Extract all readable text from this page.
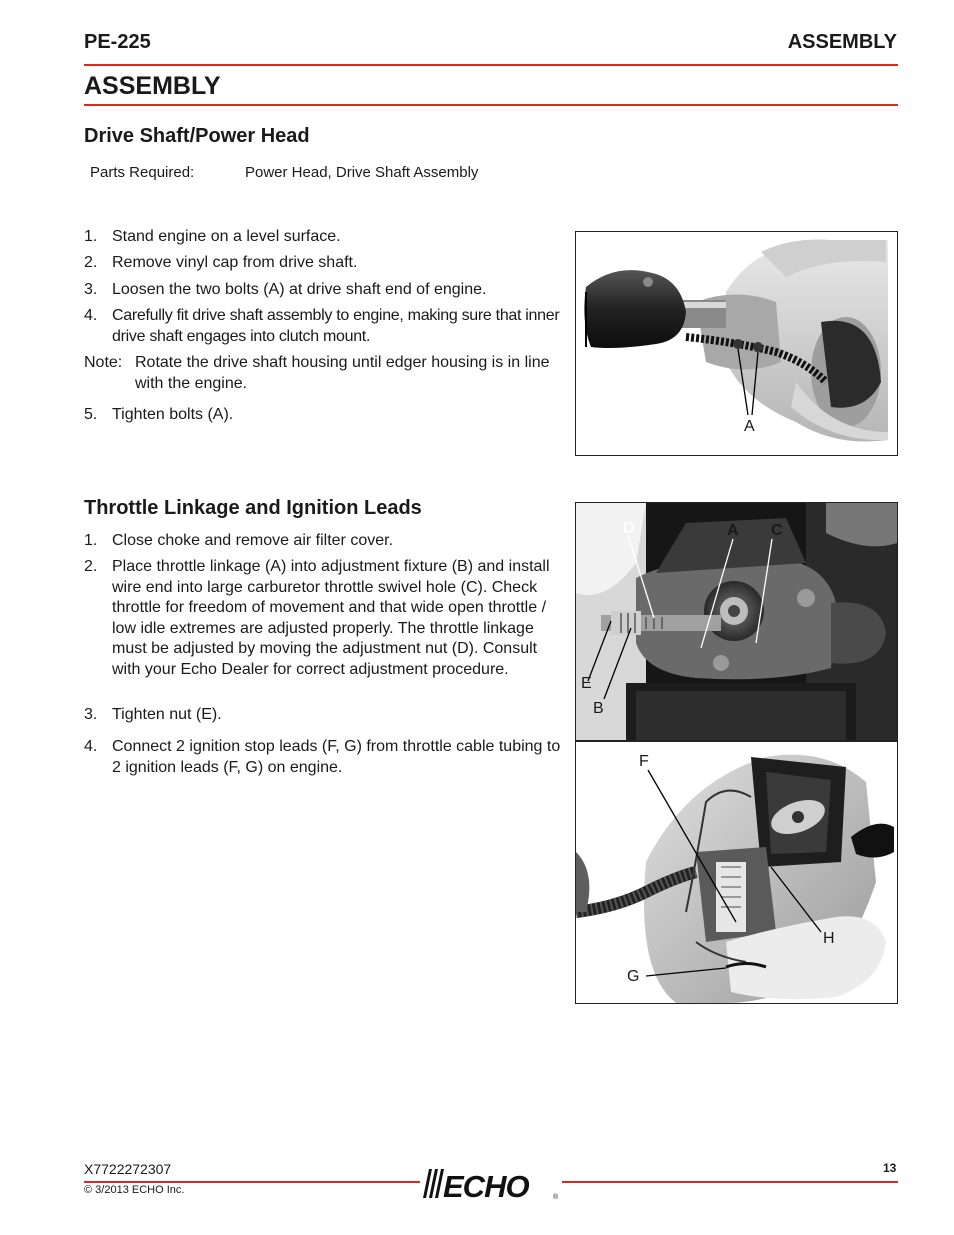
PE-225	ASSEMBLY
ASSEMBLY
Drive Shaft/Power Head
Parts Required:	Power Head, Drive Shaft Assembly
1. Stand engine on a level surface.
2. Remove vinyl cap from drive shaft.
3. Loosen the two bolts (A) at drive shaft end of engine.
4. Carefully fit drive shaft assembly to engine, making sure that inner drive shaft engages into clutch mount.
Note: Rotate the drive shaft housing until edger housing is in line with the engine.
5. Tighten bolts (A).
A
Throttle Linkage and Ignition Leads
1. Close choke and remove air filter cover.
2. Place throttle linkage (A) into adjustment fixture (B) and install wire end into large carburetor throttle swivel hole (C). Check throttle for freedom of movement and that wide open throttle / low idle extremes are adjusted properly. The throttle linkage must be adjusted by moving the adjustment nut (D). Consult with your Echo Dealer for correct adjustment procedure.
3. Tighten nut (E).
4. Connect 2 ignition stop leads (F, G) from throttle cable tubing to 2 ignition leads (F, G) on engine.
D	A C
E
B
F
H
G
X7722272307
© 3/2013 ECHO Inc.
13
ECHO	®
